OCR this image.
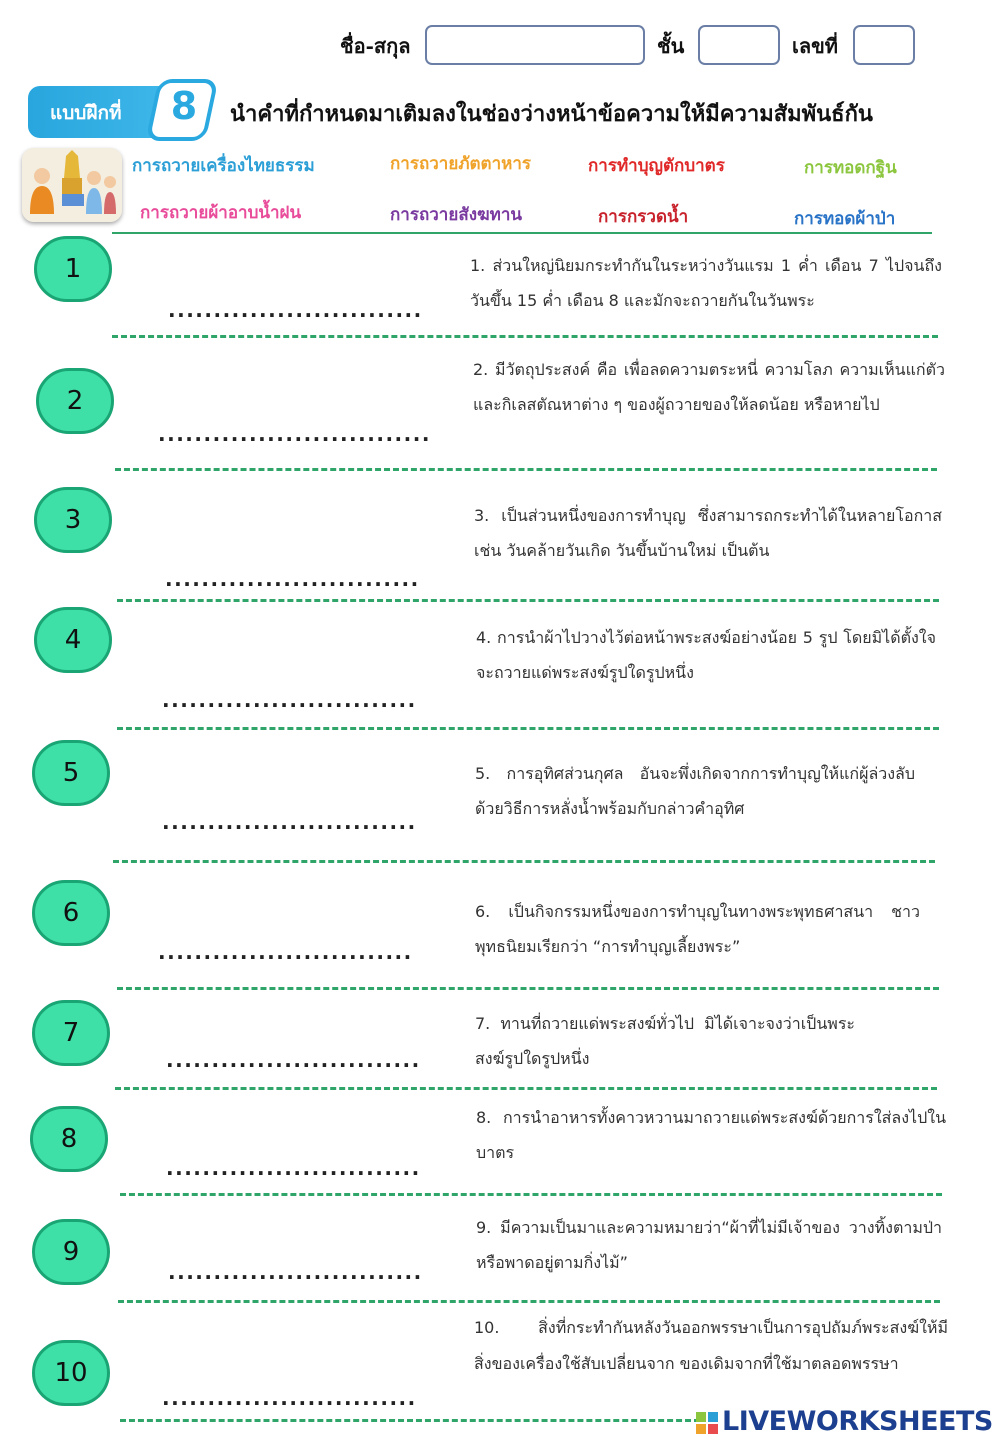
ชื่อ-สกุล	ชั้น	เลขที่
แบบฝึกที่ 8	นำคำที่กำหนดมาเติมลงในช่องว่างหน้าข้อความให้มีความสัมพันธ์กัน
การถวายเครื่องไทยธรรม	การถวายภัตตาหาร	การทำบุญตักบาตร	การทอดกฐิน
การถวายผ้าอาบน้ำฝน	การถวายสังฆทาน	การกรวดน้ำ	การทอดผ้าป่า
1
............................
1. ส่วนใหญ่นิยมกระทำกันในระหว่างวันแรม 1 ค่ำ เดือน 7 ไปจนถึงวันขึ้น 15 ค่ำ เดือน 8 และมักจะถวายกันในวันพระ
2
..............................
2. มีวัตถุประสงค์ คือ เพื่อลดความตระหนี่ ความโลภ ความเห็นแก่ตัวและกิเลสตัณหาต่าง ๆ ของผู้ถวายของให้ลดน้อย หรือหายไป
3
............................
3. เป็นส่วนหนึ่งของการทำบุญ ซึ่งสามารถกระทำได้ในหลายโอกาส เช่น วันคล้ายวันเกิด วันขึ้นบ้านใหม่ เป็นต้น
4
............................
4. การนำผ้าไปวางไว้ต่อหน้าพระสงฆ์อย่างน้อย 5 รูป โดยมิได้ตั้งใจจะถวายแด่พระสงฆ์รูปใดรูปหนึ่ง
5
............................
5. การอุทิศส่วนกุศล อันจะพึ่งเกิดจากการทำบุญให้แก่ผู้ล่วงลับ ด้วยวิธีการหลั่งน้ำพร้อมกับกล่าวคำอุทิศ
6
............................
6. เป็นกิจกรรมหนึ่งของการทำบุญในทางพระพุทธศาสนา ชาวพุทธนิยมเรียกว่า “การทำบุญเลี้ยงพระ”
7
............................
7. ทานที่ถวายแด่พระสงฆ์ทั่วไป มิได้เจาะจงว่าเป็นพระสงฆ์รูปใดรูปหนึ่ง
8
............................
8. การนำอาหารทั้งคาวหวานมาถวายแด่พระสงฆ์ด้วยการใส่ลงไปในบาตร
9
............................
9. มีความเป็นมาและความหมายว่า“ผ้าที่ไม่มีเจ้าของ วางทิ้งตามป่า หรือพาดอยู่ตามกิ่งไม้”
10
............................
10. สิ่งที่กระทำกันหลังวันออกพรรษาเป็นการอุปถัมภ์พระสงฆ์ให้มี สิ่งของเครื่องใช้สับเปลี่ยนจาก ของเดิมจากที่ใช้มาตลอดพรรษา
LIVEWORKSHEETS
